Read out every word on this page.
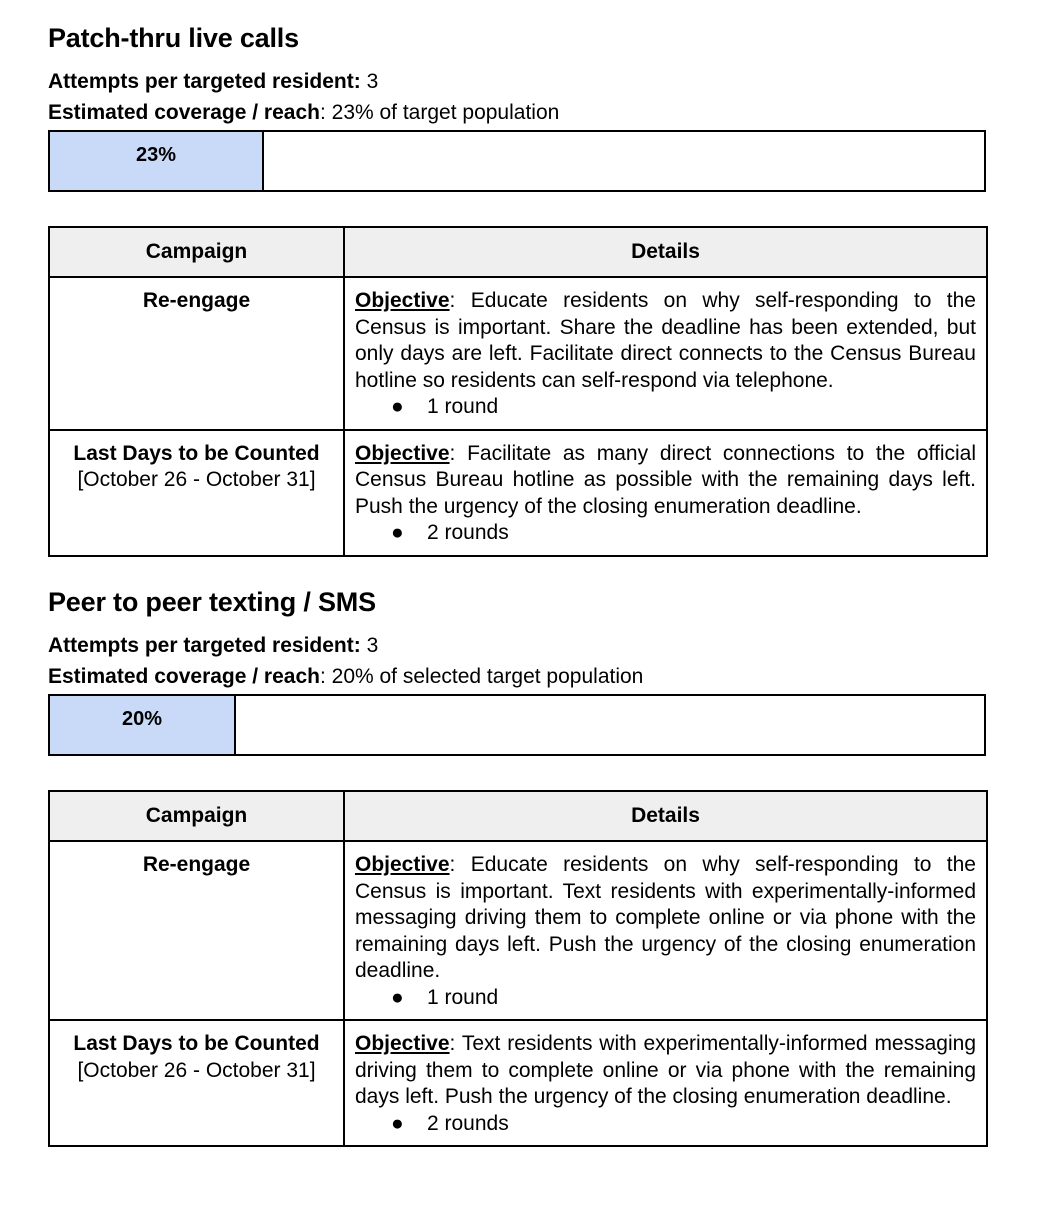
Patch-thru live calls

Attempts per targeted resident: 3

Estimated coverage / reach: 23% of target population

23%
Campaign	Details

Re-engage	Objective: Educate residents on why self-responding to the Census is important. Share the deadline has been extended, but only days are left. Facilitate direct connects to the Census Bureau hotline so residents can self-respond via telephone.
● 1 round

Last Days to be Counted
[October 26 - October 31]	Objective: Facilitate as many direct connections to the official Census Bureau hotline as possible with the remaining days left. Push the urgency of the closing enumeration deadline.
● 2 rounds
Peer to peer texting / SMS

Attempts per targeted resident: 3

Estimated coverage / reach: 20% of selected target population

20%
Campaign	Details

Re-engage	Objective: Educate residents on why self-responding to the Census is important. Text residents with experimentally-informed messaging driving them to complete online or via phone with the remaining days left. Push the urgency of the closing enumeration deadline.
● 1 round

Last Days to be Counted
[October 26 - October 31]	Objective: Text residents with experimentally-informed messaging driving them to complete online or via phone with the remaining days left. Push the urgency of the closing enumeration deadline.
● 2 rounds
